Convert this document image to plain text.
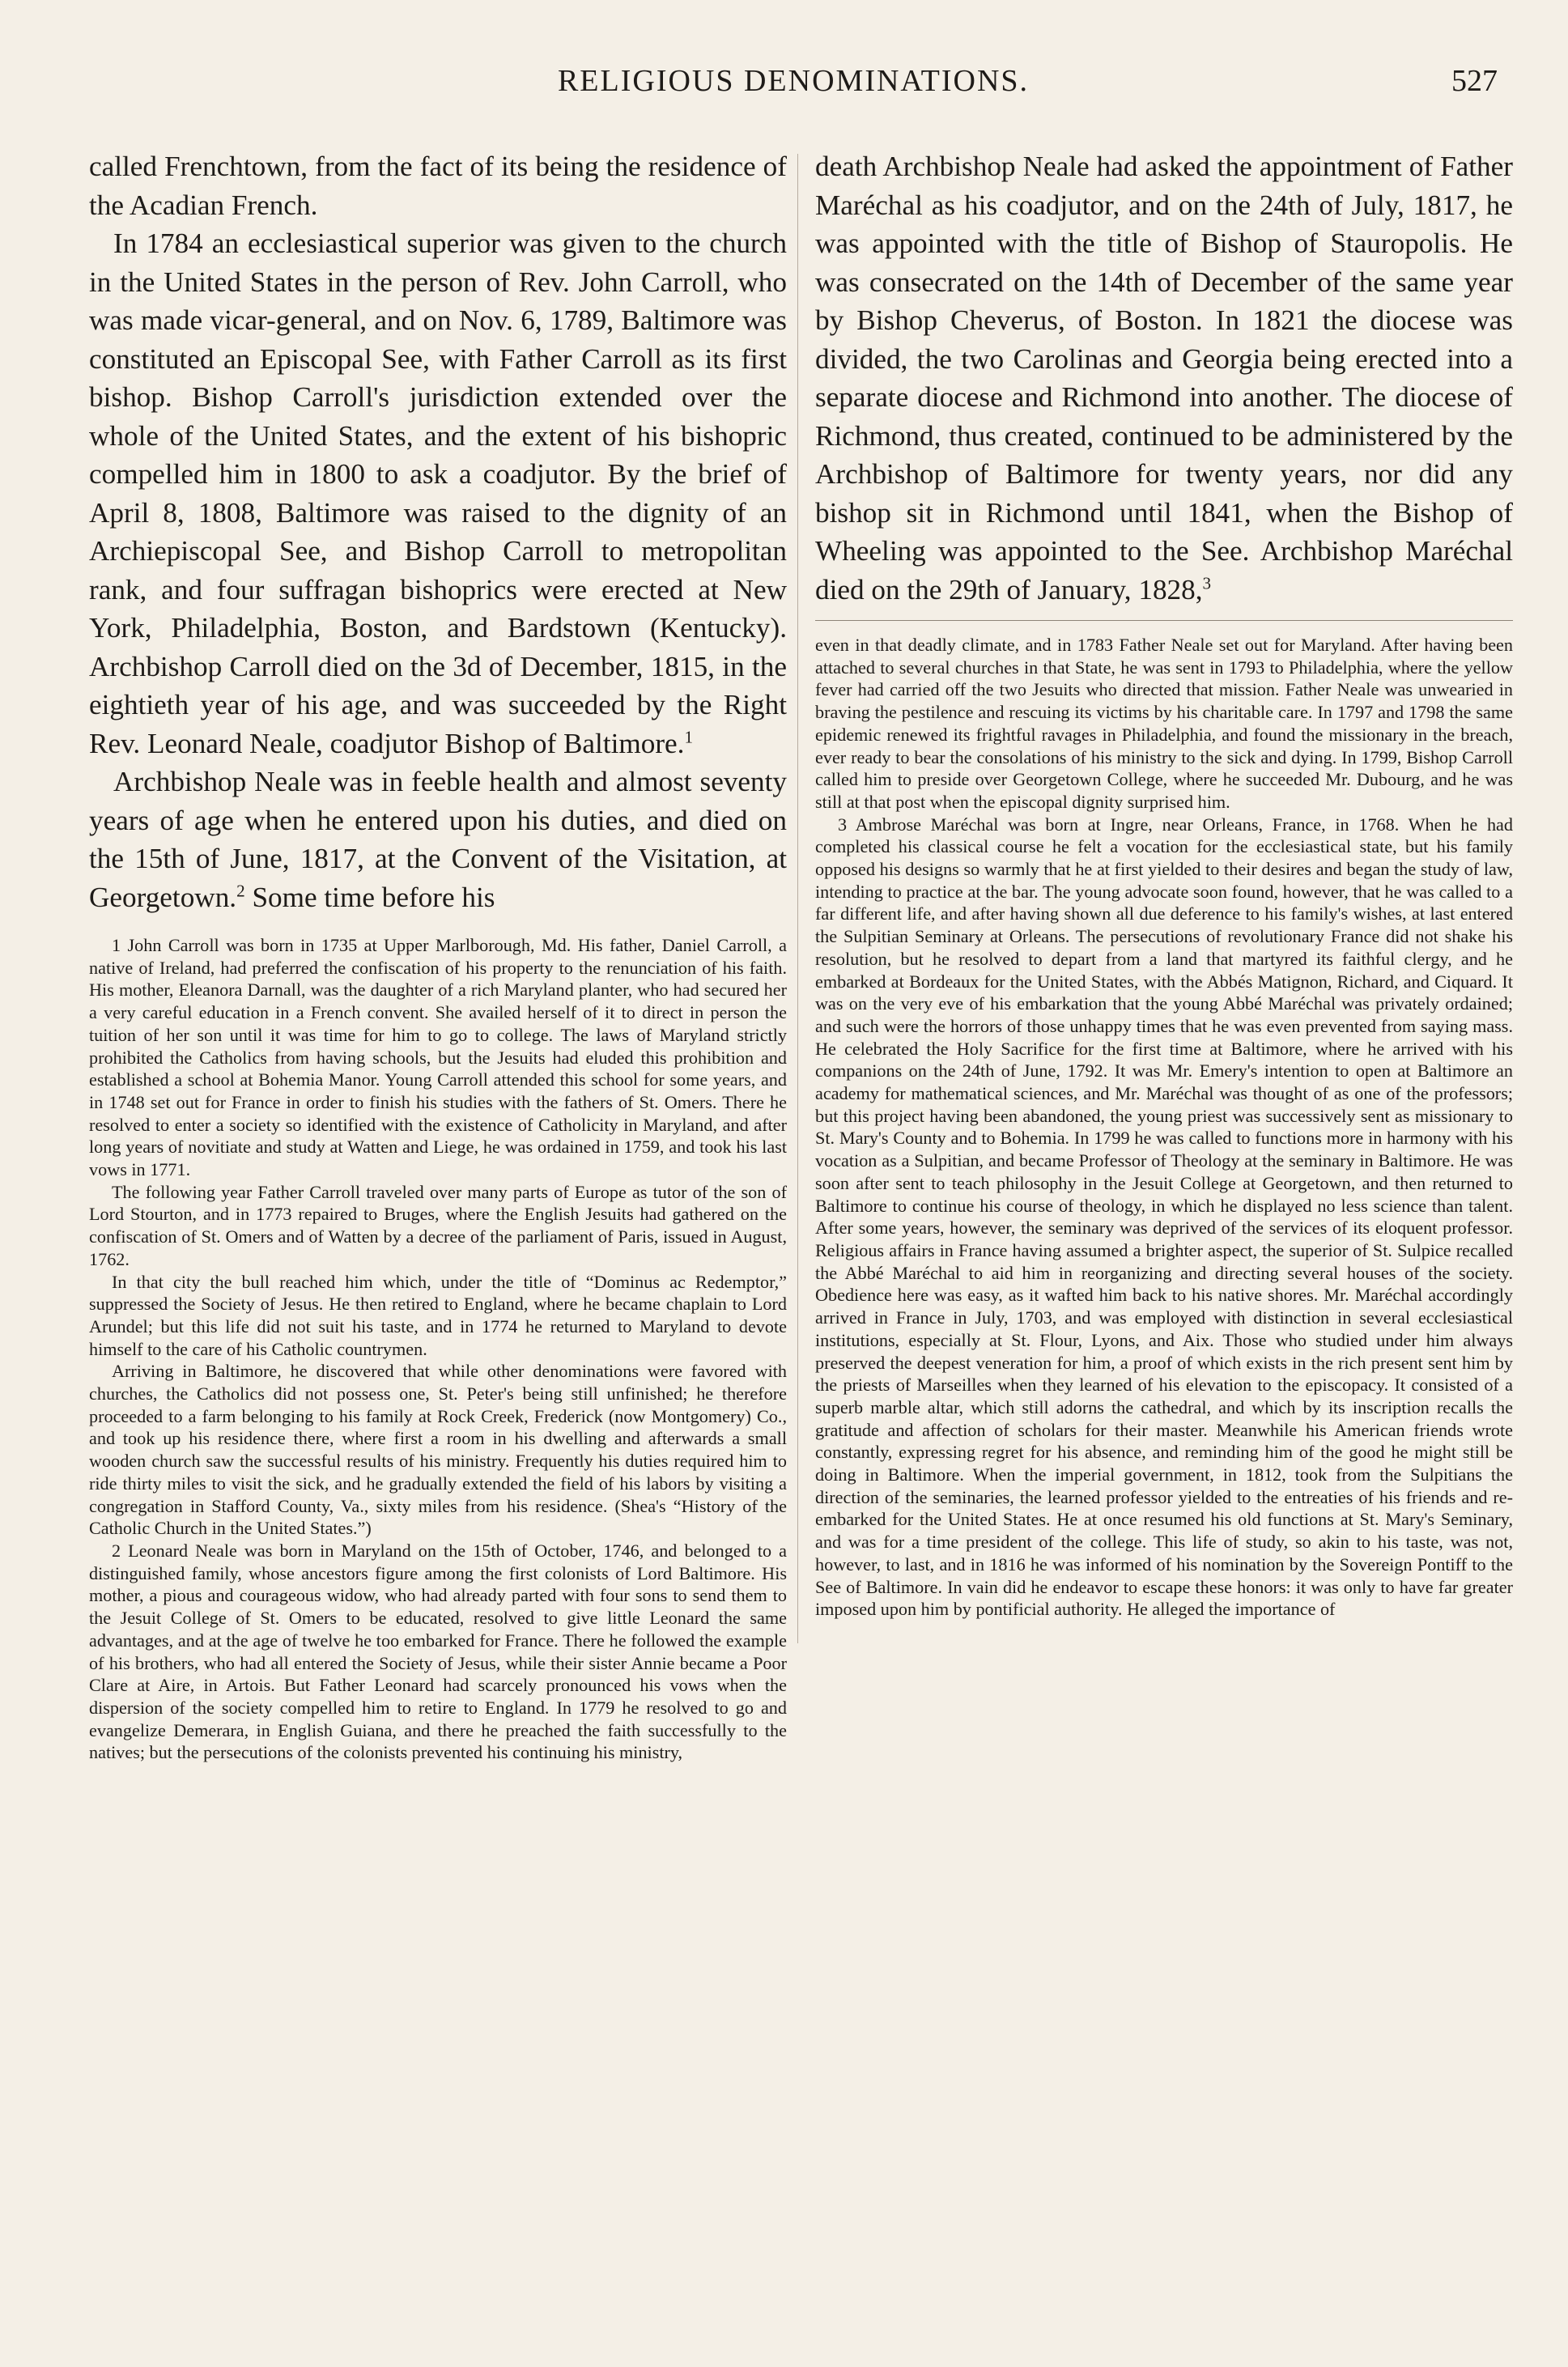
RELIGIOUS DENOMINATIONS.	527

called Frenchtown, from the fact of its being the residence of the Acadian French.

In 1784 an ecclesiastical superior was given to the church in the United States in the person of Rev. John Carroll, who was made vicar-general, and on Nov. 6, 1789, Baltimore was constituted an Episcopal See, with Father Carroll as its first bishop. Bishop Carroll's jurisdiction extended over the whole of the United States, and the extent of his bishopric compelled him in 1800 to ask a coadjutor. By the brief of April 8, 1808, Baltimore was raised to the dignity of an Archiepiscopal See, and Bishop Carroll to metropolitan rank, and four suffragan bishoprics were erected at New York, Philadelphia, Boston, and Bardstown (Kentucky). Archbishop Carroll died on the 3d of December, 1815, in the eightieth year of his age, and was succeeded by the Right Rev. Leonard Neale, coadjutor Bishop of Baltimore.$^1$

Archbishop Neale was in feeble health and almost seventy years of age when he entered upon his duties, and died on the 15th of June, 1817, at the Convent of the Visitation, at Georgetown.$^2$ Some time before his

1 John Carroll was born in 1735 at Upper Marlborough, Md. His father, Daniel Carroll, a native of Ireland, had preferred the confiscation of his property to the renunciation of his faith. His mother, Eleanora Darnall, was the daughter of a rich Maryland planter, who had secured her a very careful education in a French convent. She availed herself of it to direct in person the tuition of her son until it was time for him to go to college. The laws of Maryland strictly prohibited the Catholics from having schools, but the Jesuits had eluded this prohibition and established a school at Bohemia Manor. Young Carroll attended this school for some years, and in 1748 set out for France in order to finish his studies with the fathers of St. Omers. There he resolved to enter a society so identified with the existence of Catholicity in Maryland, and after long years of novitiate and study at Watten and Liege, he was ordained in 1759, and took his last vows in 1771.

The following year Father Carroll traveled over many parts of Europe as tutor of the son of Lord Stourton, and in 1773 repaired to Bruges, where the English Jesuits had gathered on the confiscation of St. Omers and of Watten by a decree of the parliament of Paris, issued in August, 1762.

In that city the bull reached him which, under the title of “Dominus ac Redemptor,” suppressed the Society of Jesus. He then retired to England, where he became chaplain to Lord Arundel; but this life did not suit his taste, and in 1774 he returned to Maryland to devote himself to the care of his Catholic countrymen.

Arriving in Baltimore, he discovered that while other denominations were favored with churches, the Catholics did not possess one, St. Peter's being still unfinished; he therefore proceeded to a farm belonging to his family at Rock Creek, Frederick (now Montgomery) Co., and took up his residence there, where first a room in his dwelling and afterwards a small wooden church saw the successful results of his ministry. Frequently his duties required him to ride thirty miles to visit the sick, and he gradually extended the field of his labors by visiting a congregation in Stafford County, Va., sixty miles from his residence. (Shea's “History of the Catholic Church in the United States.”)

2 Leonard Neale was born in Maryland on the 15th of October, 1746, and belonged to a distinguished family, whose ancestors figure among the first colonists of Lord Baltimore. His mother, a pious and courageous widow, who had already parted with four sons to send them to the Jesuit College of St. Omers to be educated, resolved to give little Leonard the same advantages, and at the age of twelve he too embarked for France. There he followed the example of his brothers, who had all entered the Society of Jesus, while their sister Annie became a Poor Clare at Aire, in Artois. But Father Leonard had scarcely pronounced his vows when the dispersion of the society compelled him to retire to England. In 1779 he resolved to go and evangelize Demerara, in English Guiana, and there he preached the faith successfully to the natives; but the persecutions of the colonists prevented his continuing his ministry,

death Archbishop Neale had asked the appointment of Father Maréchal as his coadjutor, and on the 24th of July, 1817, he was appointed with the title of Bishop of Stauropolis. He was consecrated on the 14th of December of the same year by Bishop Cheverus, of Boston. In 1821 the diocese was divided, the two Carolinas and Georgia being erected into a separate diocese and Richmond into another. The diocese of Richmond, thus created, continued to be administered by the Archbishop of Baltimore for twenty years, nor did any bishop sit in Richmond until 1841, when the Bishop of Wheeling was appointed to the See. Archbishop Maréchal died on the 29th of January, 1828,$^3$

even in that deadly climate, and in 1783 Father Neale set out for Maryland. After having been attached to several churches in that State, he was sent in 1793 to Philadelphia, where the yellow fever had carried off the two Jesuits who directed that mission. Father Neale was unwearied in braving the pestilence and rescuing its victims by his charitable care. In 1797 and 1798 the same epidemic renewed its frightful ravages in Philadelphia, and found the missionary in the breach, ever ready to bear the consolations of his ministry to the sick and dying. In 1799, Bishop Carroll called him to preside over Georgetown College, where he succeeded Mr. Dubourg, and he was still at that post when the episcopal dignity surprised him.

3 Ambrose Maréchal was born at Ingre, near Orleans, France, in 1768. When he had completed his classical course he felt a vocation for the ecclesiastical state, but his family opposed his designs so warmly that he at first yielded to their desires and began the study of law, intending to practice at the bar. The young advocate soon found, however, that he was called to a far different life, and after having shown all due deference to his family's wishes, at last entered the Sulpitian Seminary at Orleans. The persecutions of revolutionary France did not shake his resolution, but he resolved to depart from a land that martyred its faithful clergy, and he embarked at Bordeaux for the United States, with the Abbés Matignon, Richard, and Ciquard. It was on the very eve of his embarkation that the young Abbé Maréchal was privately ordained; and such were the horrors of those unhappy times that he was even prevented from saying mass. He celebrated the Holy Sacrifice for the first time at Baltimore, where he arrived with his companions on the 24th of June, 1792. It was Mr. Emery's intention to open at Baltimore an academy for mathematical sciences, and Mr. Maréchal was thought of as one of the professors; but this project having been abandoned, the young priest was successively sent as missionary to St. Mary's County and to Bohemia. In 1799 he was called to functions more in harmony with his vocation as a Sulpitian, and became Professor of Theology at the seminary in Baltimore. He was soon after sent to teach philosophy in the Jesuit College at Georgetown, and then returned to Baltimore to continue his course of theology, in which he displayed no less science than talent. After some years, however, the seminary was deprived of the services of its eloquent professor. Religious affairs in France having assumed a brighter aspect, the superior of St. Sulpice recalled the Abbé Maréchal to aid him in reorganizing and directing several houses of the society. Obedience here was easy, as it wafted him back to his native shores. Mr. Maréchal accordingly arrived in France in July, 1703, and was employed with distinction in several ecclesiastical institutions, especially at St. Flour, Lyons, and Aix. Those who studied under him always preserved the deepest veneration for him, a proof of which exists in the rich present sent him by the priests of Marseilles when they learned of his elevation to the episcopacy. It consisted of a superb marble altar, which still adorns the cathedral, and which by its inscription recalls the gratitude and affection of scholars for their master. Meanwhile his American friends wrote constantly, expressing regret for his absence, and reminding him of the good he might still be doing in Baltimore. When the imperial government, in 1812, took from the Sulpitians the direction of the seminaries, the learned professor yielded to the entreaties of his friends and re-embarked for the United States. He at once resumed his old functions at St. Mary's Seminary, and was for a time president of the college. This life of study, so akin to his taste, was not, however, to last, and in 1816 he was informed of his nomination by the Sovereign Pontiff to the See of Baltimore. In vain did he endeavor to escape these honors: it was only to have far greater imposed upon him by pontificial authority. He alleged the importance of
